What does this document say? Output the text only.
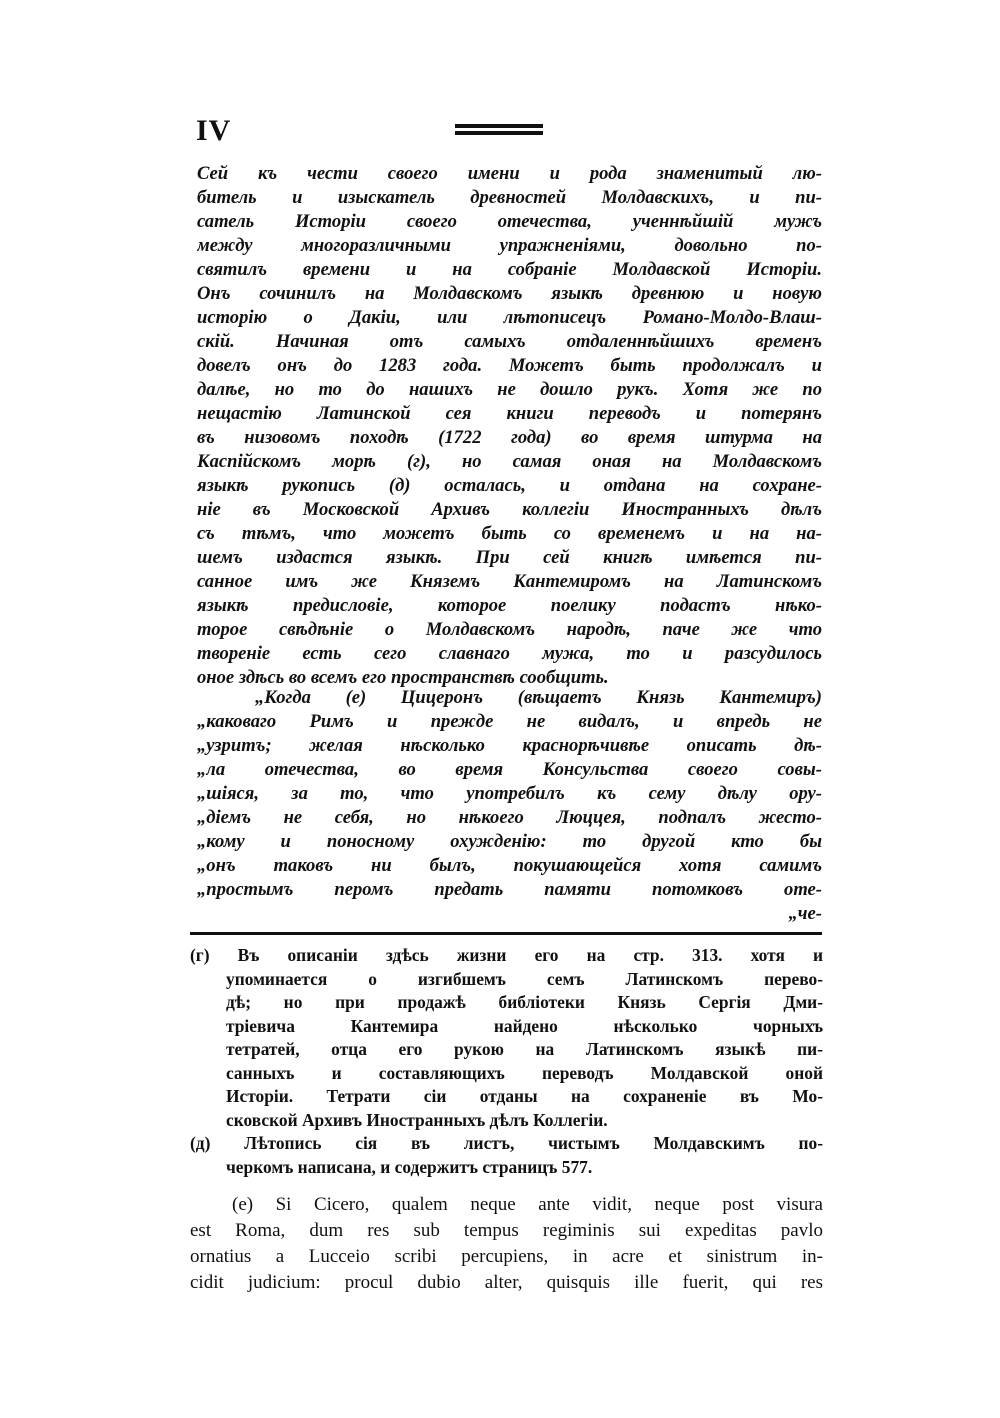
IV
Сей къ чести своего имени и рода знаменитый лю-
битель и изыскатель древностей Молдавскихъ, и пи-
сатель Исторіи своего отечества, ученнѣйшій мужъ
между многоразличными упражненіями, довольно по-
святилъ времени и на собраніе Молдавской Исторіи.
Онъ сочинилъ на Молдавскомъ языкѣ древнюю и новую
исторію о Дакіи, или лѣтописецъ Романо-Молдо-Влаш-
скій. Начиная отъ самыхъ отдаленнѣйшихъ временъ
довелъ онъ до 1283 года. Можетъ быть продолжалъ и
далѣе, но то до нашихъ не дошло рукъ. Хотя же по
нещастію Латинской сея книги переводъ и потерянъ
въ низовомъ походѣ (1722 года) во время штурма на
Каспійскомъ морѣ (г), но самая оная на Молдавскомъ
языкѣ рукопись (д) осталась, и отдана на сохране-
ніе въ Московской Архивъ коллегіи Иностранныхъ дѣлъ
съ тѣмъ, что можетъ быть со временемъ и на на-
шемъ издастся языкѣ. При сей книгѣ имѣется пи-
санное имъ же Княземъ Кантемиромъ на Латинскомъ
языкѣ предисловіе, которое поелику подастъ нѣко-
торое свѣдѣніе о Молдавскомъ народѣ, паче же что
твореніе есть сего славнаго мужа, то и разсудилось
оное здѣсь во всемъ его пространствѣ сообщить.
„Когда (е) Цицеронъ (вѣщаетъ Князь Кантемиръ)
„каковаго Римъ и прежде не видалъ, и впредь не
„узритъ; желая нѣсколько краснорѣчивѣе описать дѣ-
„ла отечества, во время Консульства своего совы-
„шіяся, за то, что употребилъ къ сему дѣлу ору-
„діемъ не себя, но нѣкоего Люццея, подпалъ жесто-
„кому и поносному охужденію: то другой кто бы
„онъ таковъ ни былъ, покушающейся хотя самимъ
„простымъ перомъ предать памяти потомковъ оте-
„че-
(г) Въ описаніи здѣсь жизни его на стр. 313. хотя и
упоминается о изгибшемъ семъ Латинскомъ перево-
дѣ; но при продажѣ библіотеки Князь Сергія Дми-
тріевича Кантемира найдено нѣсколько чорныхъ
тетратей, отца его рукою на Латинскомъ языкѣ пи-
санныхъ и составляющихъ переводъ Молдавской оной
Исторіи. Тетрати сіи отданы на сохраненіе въ Мо-
сковской Архивъ Иностранныхъ дѣлъ Коллегіи.
(д) Лѣтопись сія въ листъ, чистымъ Молдавскимъ по-
черкомъ написана, и содержитъ страницъ 577.
(e) Si Cicero, qualem neque ante vidit, neque post visura
est Roma, dum res sub tempus regiminis sui expeditas pavlo
ornatius a Lucceio scribi percupiens, in acre et sinistrum in-
cidit judicium: procul dubio alter, quisquis ille fuerit, qui res
